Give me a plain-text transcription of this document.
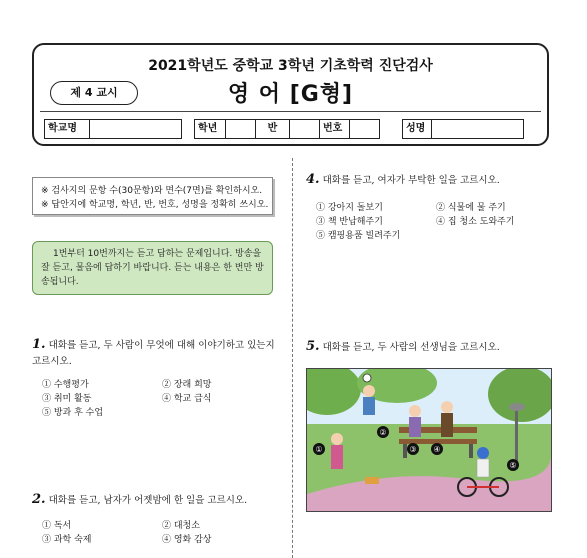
2021학년도 중학교 3학년 기초학력 진단검사
제 4 교시	영 어 [G형]
학교명	학년	반	번호	성명
※ 검사지의 문항 수(30문항)와 면수(7면)를 확인하시오.
※ 답안지에 학교명, 학년, 반, 번호, 성명을 정확히 쓰시오.
1번부터 10번까지는 듣고 답하는 문제입니다. 방송을 잘 듣고, 물음에 답하기 바랍니다. 듣는 내용은 한 번만 방송됩니다.
1. 대화를 듣고, 두 사람이 무엇에 대해 이야기하고 있는지 고르시오.
① 수행평가	② 장래 희망
③ 취미 활동	④ 학교 급식
⑤ 방과 후 수업
2. 대화를 듣고, 남자가 어젯밤에 한 일을 고르시오.
① 독서	② 대청소
③ 과학 숙제	④ 영화 감상
4. 대화를 듣고, 여자가 부탁한 일을 고르시오.
① 강아지 돌보기	② 식물에 물 주기
③ 책 반납해주기	④ 집 청소 도와주기
⑤ 캠핑용품 빌려주기
5. 대화를 듣고, 두 사람의 선생님을 고르시오.
①
②
③ ④
⑤
